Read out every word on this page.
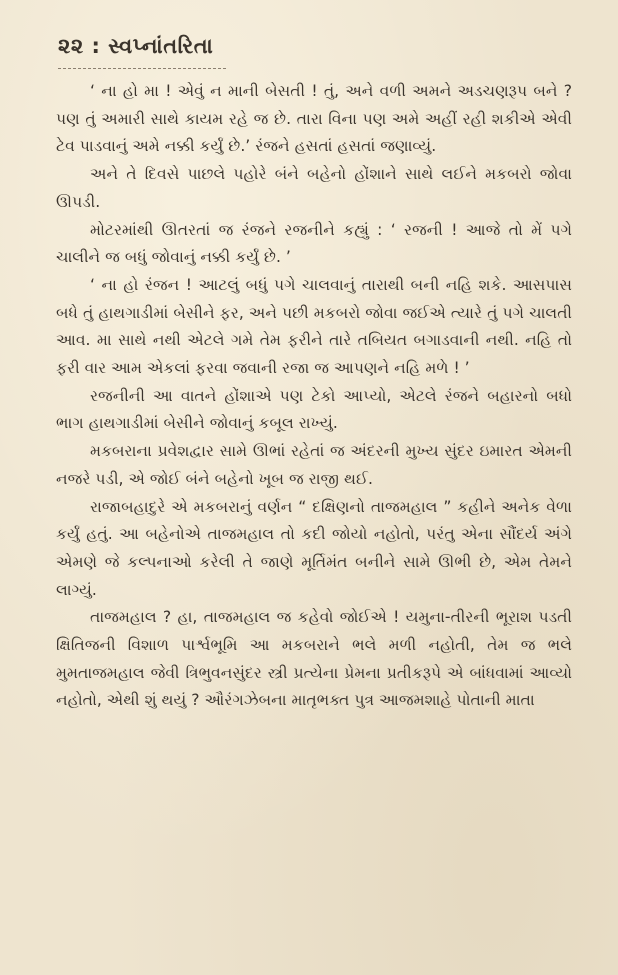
૨૨ : સ્વપ્નાંતરિતા

‘ ના હો મા ! એવું ન માની બેસતી ! તું, અને વળી અમને અડચણરૂપ બને ? પણ તું અમારી સાથે કાયમ રહે જ છે. તારા વિના પણ અમે અહીં રહી શકીએ એવી ટેવ પાડવાનું અમે નક્કી કર્યું છે.’ રંજને હસતાં હસતાં જણાવ્યું.

અને તે દિવસે પાછલે પહોરે બંને બહેનો હોંશાને સાથે લઈને મકબરો જોવા ઊપડી.

મોટરમાંથી ઊતરતાં જ રંજને રજનીને કહ્યું : ‘ રજની ! આજે તો મેં પગે ચાલીને જ બધું જોવાનું નક્કી કર્યું છે. ’

‘ ના હો રંજન ! આટલું બધું પગે ચાલવાનું તારાથી બની નહિ શકે. આસપાસ બધે તું હાથગાડીમાં બેસીને ફર, અને પછી મકબરો જોવા જઈએ ત્યારે તું પગે ચાલતી આવ. મા સાથે નથી એટલે ગમે તેમ ફરીને તારે તબિયત બગાડવાની નથી. નહિ તો ફરી વાર આમ એકલાં ફરવા જવાની રજા જ આપણને નહિ મળે ! ’

રજનીની આ વાતને હોંશાએ પણ ટેકો આપ્યો, એટલે રંજને બહારનો બધો ભાગ હાથગાડીમાં બેસીને જોવાનું કબૂલ રાખ્યું.

મકબરાના પ્રવેશદ્વાર સામે ઊભાં રહેતાં જ અંદરની મુખ્ય સુંદર ઇમારત એમની નજરે પડી, એ જોઈ બંને બહેનો ખૂબ જ રાજી થઈ.

રાજાબહાદુરે એ મકબરાનું વર્ણન “ દક્ષિણનો તાજમહાલ ” કહીને અનેક વેળા કર્યું હતું. આ બહેનોએ તાજમહાલ તો કદી જોયો નહોતો, પરંતુ એના સૌંદર્ય અંગે એમણે જે કલ્પનાઓ કરેલી તે જાણે મૂર્તિમંત બનીને સામે ઊભી છે, એમ તેમને લાગ્યું.

તાજમહાલ ? હા, તાજમહાલ જ કહેવો જોઈએ ! યમુના-તીરની ભૂરાશ પડતી ક્ષિતિજની વિશાળ પાર્શ્વભૂમિ આ મકબરાને ભલે મળી નહોતી, તેમ જ ભલે મુમતાજમહાલ જેવી ત્રિભુવનસુંદર સ્ત્રી પ્રત્યેના પ્રેમના પ્રતીકરૂપે એ બાંધવામાં આવ્યો નહોતો, એથી શું થયું ? ઔરંગઝેબના માતૃભક્ત પુત્ર આજમશાહે પોતાની માતા
